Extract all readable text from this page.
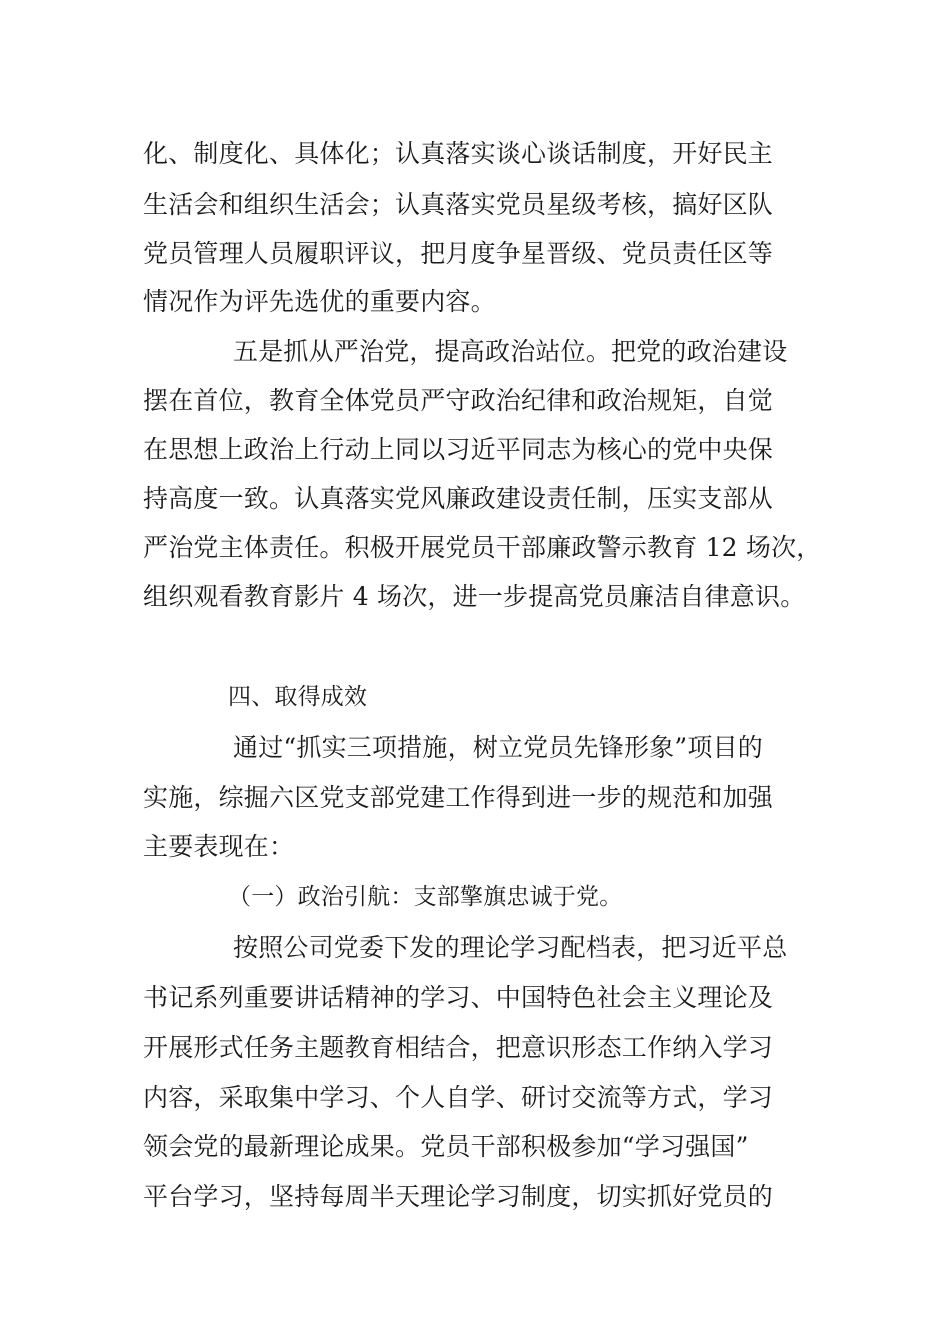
化、制度化、具体化；认真落实谈心谈话制度，开好民主

生活会和组织生活会；认真落实党员星级考核，搞好区队

党员管理人员履职评议，把月度争星晋级、党员责任区等

情况作为评先选优的重要内容。

五是抓从严治党，提高政治站位。把党的政治建设

摆在首位，教育全体党员严守政治纪律和政治规矩，自觉

在思想上政治上行动上同以习近平同志为核心的党中央保

持高度一致。认真落实党风廉政建设责任制，压实支部从

严治党主体责任。积极开展党员干部廉政警示教育 12 场次，

组织观看教育影片 4 场次，进一步提高党员廉洁自律意识。

四、取得成效

通过“抓实三项措施，树立党员先锋形象”项目的

实施，综掘六区党支部党建工作得到进一步的规范和加强

主要表现在：

（一）政治引航：支部擎旗忠诚于党。

按照公司党委下发的理论学习配档表，把习近平总

书记系列重要讲话精神的学习、中国特色社会主义理论及

开展形式任务主题教育相结合，把意识形态工作纳入学习

内容，采取集中学习、个人自学、研讨交流等方式，学习

领会党的最新理论成果。党员干部积极参加“学习强国”

平台学习，坚持每周半天理论学习制度，切实抓好党员的
